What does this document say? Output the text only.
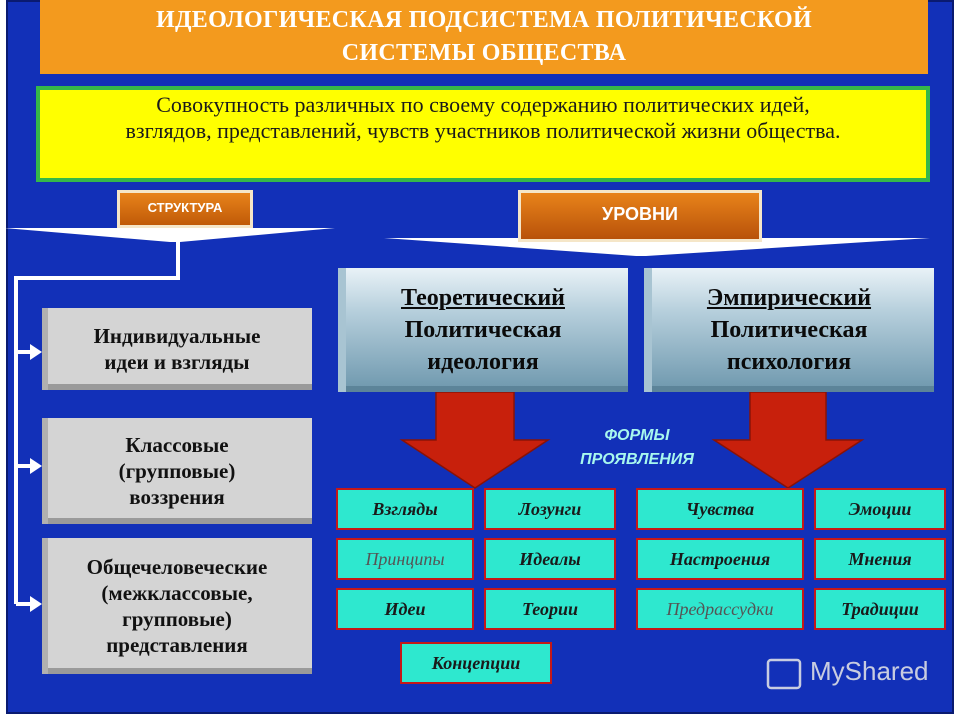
ИДЕОЛОГИЧЕСКАЯ ПОДСИСТЕМА ПОЛИТИЧЕСКОЙ
СИСТЕМЫ ОБЩЕСТВА
Совокупность различных по своему содержанию политических идей,
взглядов, представлений, чувств участников политической жизни общества.
СТРУКТУРА	УРОВНИ
Индивидуальные
идеи и взгляды
Классовые
(групповые)
воззрения
Общечеловеческие
(межклассовые,
групповые)
представления
Теоретический
Политическая
идеология
Эмпирический
Политическая
психология
ФОРМЫ
ПРОЯВЛЕНИЯ
Взгляды	Лозунги
Принципы	Идеалы
Идеи	Теории
Концепции
Чувства	Эмоции
Настроения	Мнения
Предрассудки	Традиции
MyShared
